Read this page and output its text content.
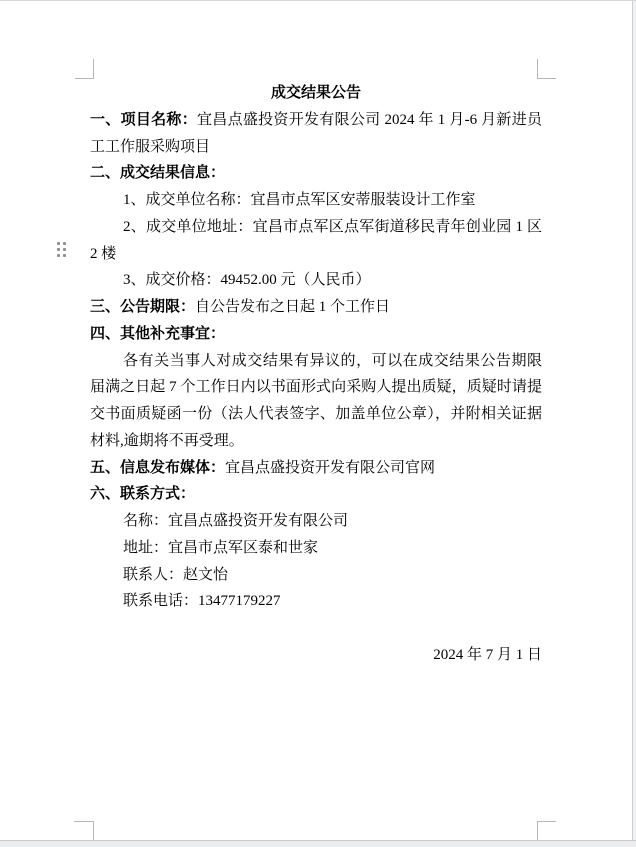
成交结果公告

一、项目名称：宜昌点盛投资开发有限公司 2024 年 1 月-6 月新进员工工作服采购项目

二、成交结果信息：

1、成交单位名称：宜昌市点军区安蒂服装设计工作室

2、成交单位地址：宜昌市点军区点军街道移民青年创业园 1 区 2 楼

3、成交价格：49452.00 元（人民币）

三、公告期限：自公告发布之日起 1 个工作日

四、其他补充事宜：

各有关当事人对成交结果有异议的，可以在成交结果公告期限届满之日起 7 个工作日内以书面形式向采购人提出质疑，质疑时请提交书面质疑函一份（法人代表签字、加盖单位公章），并附相关证据材料,逾期将不再受理。

五、信息发布媒体：宜昌点盛投资开发有限公司官网

六、联系方式：

名称：宜昌点盛投资开发有限公司

地址：宜昌市点军区泰和世家

联系人：赵文怡

联系电话：13477179227

2024 年 7 月 1 日
